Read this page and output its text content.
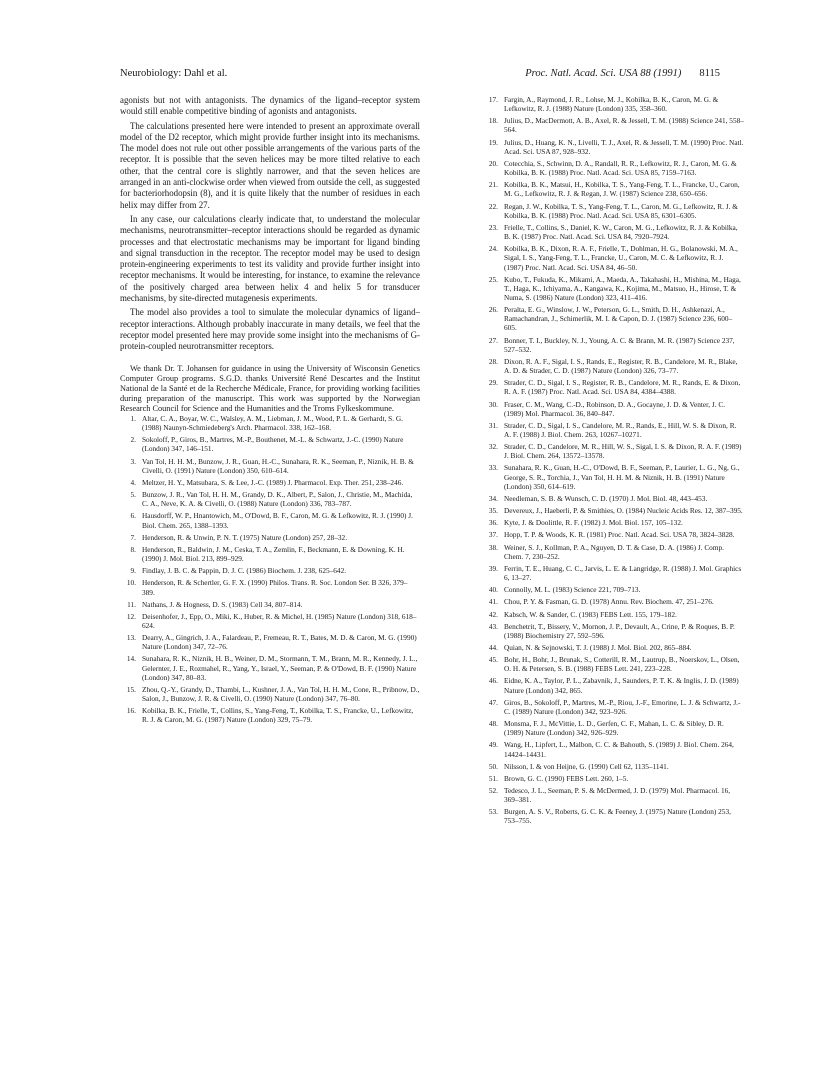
Neurobiology: Dahl et al.	Proc. Natl. Acad. Sci. USA 88 (1991) 8115

agonists but not with antagonists. The dynamics of the ligand–receptor system would still enable competitive binding of agonists and antagonists.

The calculations presented here were intended to present an approximate overall model of the D2 receptor, which might provide further insight into its mechanisms. The model does not rule out other possible arrangements of the various parts of the receptor. It is possible that the seven helices may be more tilted relative to each other, that the central core is slightly narrower, and that the seven helices are arranged in an anti-clockwise order when viewed from outside the cell, as suggested for bacteriorhodopsin (8), and it is quite likely that the number of residues in each helix may differ from 27.

In any case, our calculations clearly indicate that, to understand the molecular mechanisms, neurotransmitter–receptor interactions should be regarded as dynamic processes and that electrostatic mechanisms may be important for ligand binding and signal transduction in the receptor. The receptor model may be used to design protein-engineering experiments to test its validity and provide further insight into receptor mechanisms. It would be interesting, for instance, to examine the relevance of the positively charged area between helix 4 and helix 5 for transducer mechanisms, by site-directed mutagenesis experiments.

The model also provides a tool to simulate the molecular dynamics of ligand–receptor interactions. Although probably inaccurate in many details, we feel that the receptor model presented here may provide some insight into the mechanisms of G-protein-coupled neurotransmitter receptors.

We thank Dr. T. Johansen for guidance in using the University of Wisconsin Genetics Computer Group programs. S.G.D. thanks Université René Descartes and the Institut National de la Santé et de la Recherche Médicale, France, for providing working facilities during preparation of the manuscript. This work was supported by the Norwegian Research Council for Science and the Humanities and the Troms Fylkeskommune.

1. Altar, C. A., Boyar, W. C., Walsley, A. M., Liebman, J. M., Wood, P. L. & Gerhardt, S. G. (1988) Naunyn-Schmiedeberg's Arch. Pharmacol. 338, 162–168.
2. Sokoloff, P., Giros, B., Martres, M.-P., Bouthenet, M.-L. & Schwartz, J.-C. (1990) Nature (London) 347, 146–151.
3. Van Tol, H. H. M., Bunzow, J. R., Guan, H.-C., Sunahara, R. K., Seeman, P., Niznik, H. B. & Civelli, O. (1991) Nature (London) 350, 610–614.
4. Meltzer, H. Y., Matsubara, S. & Lee, J.-C. (1989) J. Pharmacol. Exp. Ther. 251, 238–246.
5. Bunzow, J. R., Van Tol, H. H. M., Grandy, D. K., Albert, P., Salon, J., Christie, M., Machida, C. A., Neve, K. A. & Civelli, O. (1988) Nature (London) 336, 783–787.
6. Hausdorff, W. P., Hnantowich, M., O'Dowd, B. F., Caron, M. G. & Lefkowitz, R. J. (1990) J. Biol. Chem. 265, 1388–1393.
7. Henderson, R. & Unwin, P. N. T. (1975) Nature (London) 257, 28–32.
8. Henderson, R., Baldwin, J. M., Ceska, T. A., Zemlin, F., Beckmann, E. & Downing, K. H. (1990) J. Mol. Biol. 213, 899–929.
9. Findlay, J. B. C. & Pappin, D. J. C. (1986) Biochem. J. 238, 625–642.
10. Henderson, R. & Schertler, G. F. X. (1990) Philos. Trans. R. Soc. London Ser. B 326, 379–389.
11. Nathans, J. & Hogness, D. S. (1983) Cell 34, 807–814.
12. Deisenhofer, J., Epp, O., Miki, K., Huber, R. & Michel, H. (1985) Nature (London) 318, 618–624.
13. Dearry, A., Gingrich, J. A., Falardeau, P., Fremeau, R. T., Bates, M. D. & Caron, M. G. (1990) Nature (London) 347, 72–76.
14. Sunahara, R. K., Niznik, H. B., Weiner, D. M., Stormann, T. M., Brann, M. R., Kennedy, J. L., Gelernter, J. E., Rozmahel, R., Yang, Y., Israel, Y., Seeman, P. & O'Dowd, B. F. (1990) Nature (London) 347, 80–83.
15. Zhou, Q.-Y., Grandy, D., Thambi, L., Kushner, J. A., Van Tol, H. H. M., Cone, R., Pribnow, D., Salon, J., Bunzow, J. R. & Civelli, O. (1990) Nature (London) 347, 76–80.
16. Kobilka, B. K., Frielle, T., Collins, S., Yang-Feng, T., Kobilka, T. S., Francke, U., Lefkowitz, R. J. & Caron, M. G. (1987) Nature (London) 329, 75–79.
17. Fargin, A., Raymond, J. R., Lohse, M. J., Kobilka, B. K., Caron, M. G. & Lefkowitz, R. J. (1988) Nature (London) 335, 358–360.
18. Julius, D., MacDermott, A. B., Axel, R. & Jessell, T. M. (1988) Science 241, 558–564.
19. Julius, D., Huang, K. N., Livelli, T. J., Axel, R. & Jessell, T. M. (1990) Proc. Natl. Acad. Sci. USA 87, 928–932.
20. Cotecchia, S., Schwinn, D. A., Randall, R. R., Lefkowitz, R. J., Caron, M. G. & Kobilka, B. K. (1988) Proc. Natl. Acad. Sci. USA 85, 7159–7163.
21. Kobilka, B. K., Matsui, H., Kobilka, T. S., Yang-Feng, T. L., Francke, U., Caron, M. G., Lefkowitz, R. J. & Regan, J. W. (1987) Science 238, 650–656.
22. Regan, J. W., Kobilka, T. S., Yang-Feng, T. L., Caron, M. G., Lefkowitz, R. J. & Kobilka, B. K. (1988) Proc. Natl. Acad. Sci. USA 85, 6301–6305.
23. Frielle, T., Collins, S., Daniel, K. W., Caron, M. G., Lefkowitz, R. J. & Kobilka, B. K. (1987) Proc. Natl. Acad. Sci. USA 84, 7920–7924.
24. Kobilka, B. K., Dixon, R. A. F., Frielle, T., Dohlman, H. G., Bolanowski, M. A., Sigal, I. S., Yang-Feng, T. L., Francke, U., Caron, M. C. & Lefkowitz, R. J. (1987) Proc. Natl. Acad. Sci. USA 84, 46–50.
25. Kubo, T., Fukuda, K., Mikami, A., Maeda, A., Takahashi, H., Mishina, M., Haga, T., Haga, K., Ichiyama, A., Kangawa, K., Kojima, M., Matsuo, H., Hirose, T. & Numa, S. (1986) Nature (London) 323, 411–416.
26. Peralta, E. G., Winslow, J. W., Peterson, G. L., Smith, D. H., Ashkenazi, A., Ramachandran, J., Schimerlik, M. I. & Capon, D. J. (1987) Science 236, 600–605.
27. Bonner, T. I., Buckley, N. J., Young, A. C. & Brann, M. R. (1987) Science 237, 527–532.
28. Dixon, R. A. F., Sigal, I. S., Rands, E., Register, R. B., Candelore, M. R., Blake, A. D. & Strader, C. D. (1987) Nature (London) 326, 73–77.
29. Strader, C. D., Sigal, I. S., Register, R. B., Candelore, M. R., Rands, E. & Dixon, R. A. F. (1987) Proc. Natl. Acad. Sci. USA 84, 4384–4388.
30. Fraser, C. M., Wang, C.-D., Robinson, D. A., Gocayne, J. D. & Venter, J. C. (1989) Mol. Pharmacol. 36, 840–847.
31. Strader, C. D., Sigal, I. S., Candelore, M. R., Rands, E., Hill, W. S. & Dixon, R. A. F. (1988) J. Biol. Chem. 263, 10267–10271.
32. Strader, C. D., Candelore, M. R., Hill, W. S., Sigal, I. S. & Dixon, R. A. F. (1989) J. Biol. Chem. 264, 13572–13578.
33. Sunahara, R. K., Guan, H.-C., O'Dowd, B. F., Seeman, P., Laurier, L. G., Ng, G., George, S. R., Torchia, J., Van Tol, H. H. M. & Niznik, H. B. (1991) Nature (London) 350, 614–619.
34. Needleman, S. B. & Wunsch, C. D. (1970) J. Mol. Biol. 48, 443–453.
35. Devereux, J., Haeberli, P. & Smithies, O. (1984) Nucleic Acids Res. 12, 387–395.
36. Kyte, J. & Doolittle, R. F. (1982) J. Mol. Biol. 157, 105–132.
37. Hopp, T. P. & Woods, K. R. (1981) Proc. Natl. Acad. Sci. USA 78, 3824–3828.
38. Weiner, S. J., Kollman, P. A., Nguyen, D. T. & Case, D. A. (1986) J. Comp. Chem. 7, 230–252.
39. Ferrin, T. E., Huang, C. C., Jarvis, L. E. & Langridge, R. (1988) J. Mol. Graphics 6, 13–27.
40. Connolly, M. L. (1983) Science 221, 709–713.
41. Chou, P. Y. & Fasman, G. D. (1978) Annu. Rev. Biochem. 47, 251–276.
42. Kabsch, W. & Sander, C. (1983) FEBS Lett. 155, 179–182.
43. Benchetrit, T., Bissery, V., Mornon, J. P., Devault, A., Crine, P. & Roques, B. P. (1988) Biochemistry 27, 592–596.
44. Quian, N. & Sejnowski, T. J. (1988) J. Mol. Biol. 202, 865–884.
45. Bohr, H., Bohr, J., Brunak, S., Cotterill, R. M., Lautrup, B., Noerskov, L., Olsen, O. H. & Petersen, S. B. (1988) FEBS Lett. 241, 223–228.
46. Eidne, K. A., Taylor, P. L., Zabavnik, J., Saunders, P. T. K. & Inglis, J. D. (1989) Nature (London) 342, 865.
47. Giros, B., Sokoloff, P., Martres, M.-P., Riou, J.-F., Emorine, L. J. & Schwartz, J.-C. (1989) Nature (London) 342, 923–926.
48. Monsma, F. J., McVittie, L. D., Gerfen, C. F., Mahan, L. C. & Sibley, D. R. (1989) Nature (London) 342, 926–929.
49. Wang, H., Lipfert, L., Malbon, C. C. & Bahouth, S. (1989) J. Biol. Chem. 264, 14424–14431.
50. Nilsson, I. & von Heijne, G. (1990) Cell 62, 1135–1141.
51. Brown, G. C. (1990) FEBS Lett. 260, 1–5.
52. Tedesco, J. L., Seeman, P. S. & McDermed, J. D. (1979) Mol. Pharmacol. 16, 369–381.
53. Burgen, A. S. V., Roberts, G. C. K. & Feeney, J. (1975) Nature (London) 253, 753–755.
